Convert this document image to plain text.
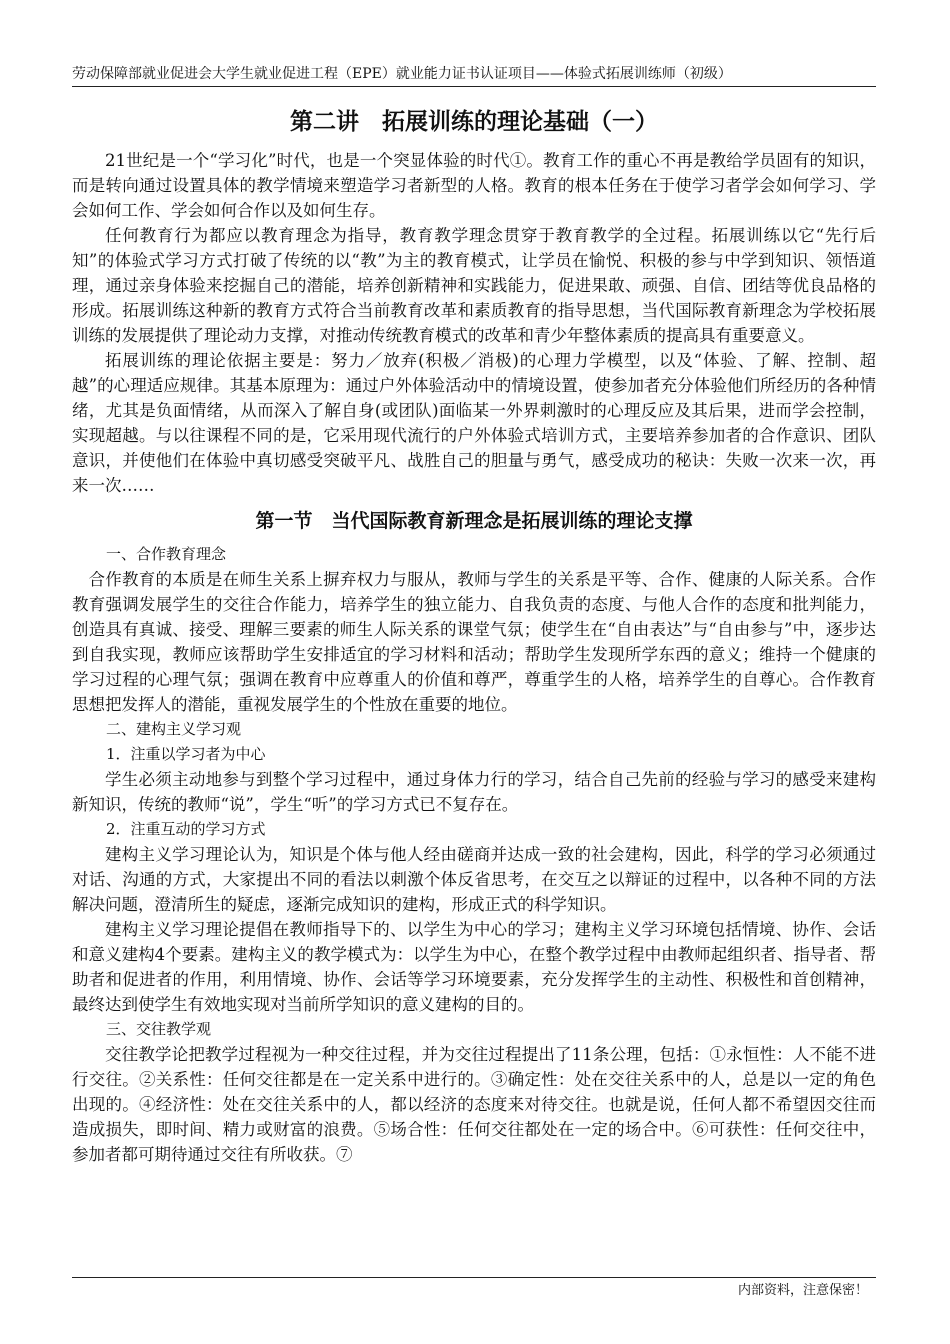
劳动保障部就业促进会大学生就业促进工程（EPE）就业能力证书认证项目——体验式拓展训练师（初级）
第二讲　拓展训练的理论基础（一）

21世纪是一个“学习化”时代，也是一个突显体验的时代①。教育工作的重心不再是教给学员固有的知识，而是转向通过设置具体的教学情境来塑造学习者新型的人格。教育的根本任务在于使学习者学会如何学习、学会如何工作、学会如何合作以及如何生存。

任何教育行为都应以教育理念为指导，教育教学理念贯穿于教育教学的全过程。拓展训练以它“先行后知”的体验式学习方式打破了传统的以“教”为主的教育模式，让学员在愉悦、积极的参与中学到知识、领悟道理，通过亲身体验来挖掘自己的潜能，培养创新精神和实践能力，促进果敢、顽强、自信、团结等优良品格的形成。拓展训练这种新的教育方式符合当前教育改革和素质教育的指导思想，当代国际教育新理念为学校拓展训练的发展提供了理论动力支撑，对推动传统教育模式的改革和青少年整体素质的提高具有重要意义。

拓展训练的理论依据主要是：努力／放弃(积极／消极)的心理力学模型，以及“体验、了解、控制、超越”的心理适应规律。其基本原理为：通过户外体验活动中的情境设置，使参加者充分体验他们所经历的各种情绪，尤其是负面情绪，从而深入了解自身(或团队)面临某一外界刺激时的心理反应及其后果，进而学会控制，实现超越。与以往课程不同的是，它采用现代流行的户外体验式培训方式，主要培养参加者的合作意识、团队意识，并使他们在体验中真切感受突破平凡、战胜自己的胆量与勇气，感受成功的秘诀：失败一次来一次，再来一次……

第一节　当代国际教育新理念是拓展训练的理论支撑
一、合作教育理念

合作教育的本质是在师生关系上摒弃权力与服从，教师与学生的关系是平等、合作、健康的人际关系。合作教育强调发展学生的交往合作能力，培养学生的独立能力、自我负责的态度、与他人合作的态度和批判能力，创造具有真诚、接受、理解三要素的师生人际关系的课堂气氛；使学生在“自由表达”与“自由参与”中，逐步达到自我实现，教师应该帮助学生安排适宜的学习材料和活动；帮助学生发现所学东西的意义；维持一个健康的学习过程的心理气氛；强调在教育中应尊重人的价值和尊严，尊重学生的人格，培养学生的自尊心。合作教育思想把发挥人的潜能，重视发展学生的个性放在重要的地位。

二、建构主义学习观
1．注重以学习者为中心

学生必须主动地参与到整个学习过程中，通过身体力行的学习，结合自己先前的经验与学习的感受来建构新知识，传统的教师“说”，学生“听”的学习方式已不复存在。

2．注重互动的学习方式

建构主义学习理论认为，知识是个体与他人经由磋商并达成一致的社会建构，因此，科学的学习必须通过对话、沟通的方式，大家提出不同的看法以刺激个体反省思考，在交互之以辩证的过程中，以各种不同的方法解决问题，澄清所生的疑虑，逐渐完成知识的建构，形成正式的科学知识。

建构主义学习理论提倡在教师指导下的、以学生为中心的学习；建构主义学习环境包括情境、协作、会话和意义建构4个要素。建构主义的教学模式为：以学生为中心，在整个教学过程中由教师起组织者、指导者、帮助者和促进者的作用，利用情境、协作、会话等学习环境要素，充分发挥学生的主动性、积极性和首创精神，最终达到使学生有效地实现对当前所学知识的意义建构的目的。

三、交往教学观

交往教学论把教学过程视为一种交往过程，并为交往过程提出了11条公理，包括：①永恒性：人不能不进行交往。②关系性：任何交往都是在一定关系中进行的。③确定性：处在交往关系中的人，总是以一定的角色出现的。④经济性：处在交往关系中的人，都以经济的态度来对待交往。也就是说，任何人都不希望因交往而造成损失，即时间、精力或财富的浪费。⑤场合性：任何交往都处在一定的场合中。⑥可获性：任何交往中，参加者都可期待通过交往有所收获。⑦

内部资料，注意保密！
